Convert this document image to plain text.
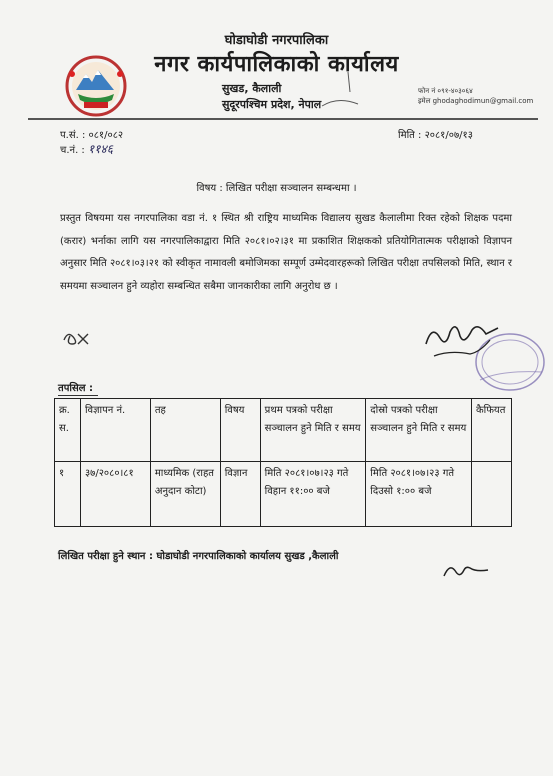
घोडाघोडी नगरपालिका
नगर कार्यपालिकाको कार्यालय
सुखड, कैलाली
सुदूरपश्चिम प्रदेश, नेपाल
फोन नं ०९१-४०३०६४
इमेल ghodaghodimun@gmail.com
प.सं. : ०८१/०८२
च.नं. : ११४६
मिति : २०८१/०७/१३
विषय : लिखित परीक्षा सञ्चालन सम्बन्धमा ।
प्रस्तुत विषयमा यस नगरपालिका वडा नं. १ स्थित श्री राष्ट्रिय माध्यमिक विद्यालय सुखड कैलालीमा रिक्त रहेको शिक्षक पदमा (करार) भर्नाका लागि यस नगरपालिकाद्वारा मिति २०८१।०२।३१ मा प्रकाशित शिक्षकको प्रतियोगितात्मक परीक्षाको विज्ञापन अनुसार मिति २०८१।०३।२१ को स्वीकृत नामावली बमोजिमका सम्पूर्ण उम्मेदवारहरूको लिखित परीक्षा तपसिलको मिति, स्थान र समयमा सञ्चालन हुने व्यहोरा सम्बन्धित सबैमा जानकारीका लागि अनुरोध छ ।
तपसिल :
क्र. स.	विज्ञापन नं.	तह	विषय	प्रथम पत्रको परीक्षा सञ्चालन हुने मिति र समय	दोस्रो पत्रको परीक्षा सञ्चालन हुने मिति र समय	कैफियत
१	३७/२०८०।८१	माध्यमिक (राहत अनुदान कोटा)	विज्ञान	मिति २०८१।०७।२३ गते विहान ११:०० बजे	मिति २०८१।०७।२३ गते दिउसो १:०० बजे	
लिखित परीक्षा हुने स्थान : घोडाघोडी नगरपालिकाको कार्यालय सुखड ,कैलाली
